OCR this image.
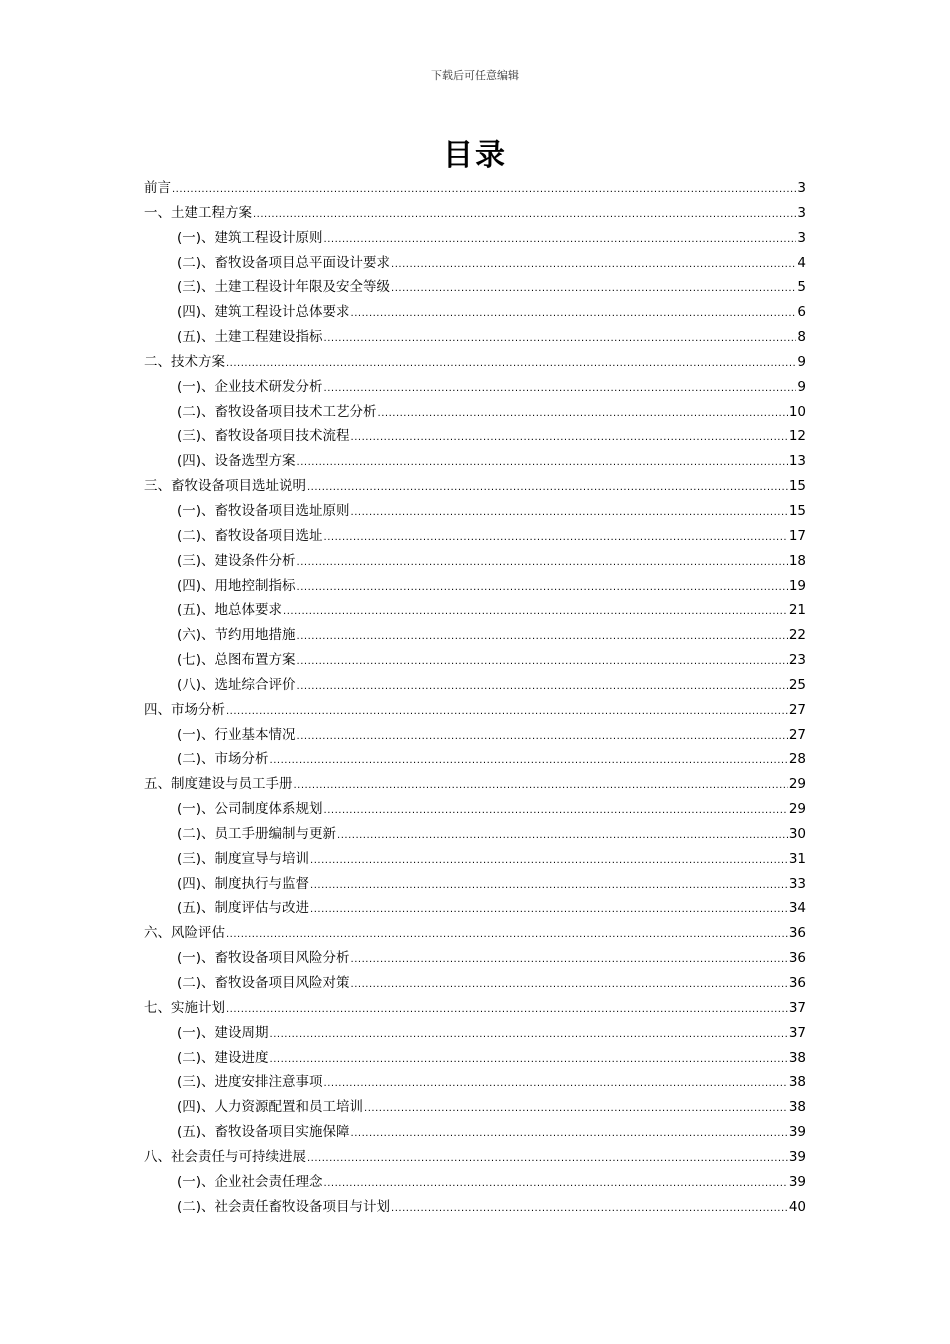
下载后可任意编辑
目录
前言 .....	3
一、土建工程方案 .....	3
(一)、建筑工程设计原则 .....	3
(二)、畜牧设备项目总平面设计要求 .....	4
(三)、土建工程设计年限及安全等级 .....	5
(四)、建筑工程设计总体要求 .....	6
(五)、土建工程建设指标 .....	8
二、技术方案 .....	9
(一)、企业技术研发分析 .....	9
(二)、畜牧设备项目技术工艺分析 .....	10
(三)、畜牧设备项目技术流程 .....	12
(四)、设备选型方案 .....	13
三、畜牧设备项目选址说明 .....	15
(一)、畜牧设备项目选址原则 .....	15
(二)、畜牧设备项目选址 .....	17
(三)、建设条件分析 .....	18
(四)、用地控制指标 .....	19
(五)、地总体要求 .....	21
(六)、节约用地措施 .....	22
(七)、总图布置方案 .....	23
(八)、选址综合评价 .....	25
四、市场分析 .....	27
(一)、行业基本情况 .....	27
(二)、市场分析 .....	28
五、制度建设与员工手册 .....	29
(一)、公司制度体系规划 .....	29
(二)、员工手册编制与更新 .....	30
(三)、制度宣导与培训 .....	31
(四)、制度执行与监督 .....	33
(五)、制度评估与改进 .....	34
六、风险评估 .....	36
(一)、畜牧设备项目风险分析 .....	36
(二)、畜牧设备项目风险对策 .....	36
七、实施计划 .....	37
(一)、建设周期 .....	37
(二)、建设进度 .....	38
(三)、进度安排注意事项 .....	38
(四)、人力资源配置和员工培训 .....	38
(五)、畜牧设备项目实施保障 .....	39
八、社会责任与可持续进展 .....	39
(一)、企业社会责任理念 .....	39
(二)、社会责任畜牧设备项目与计划 .....	40
